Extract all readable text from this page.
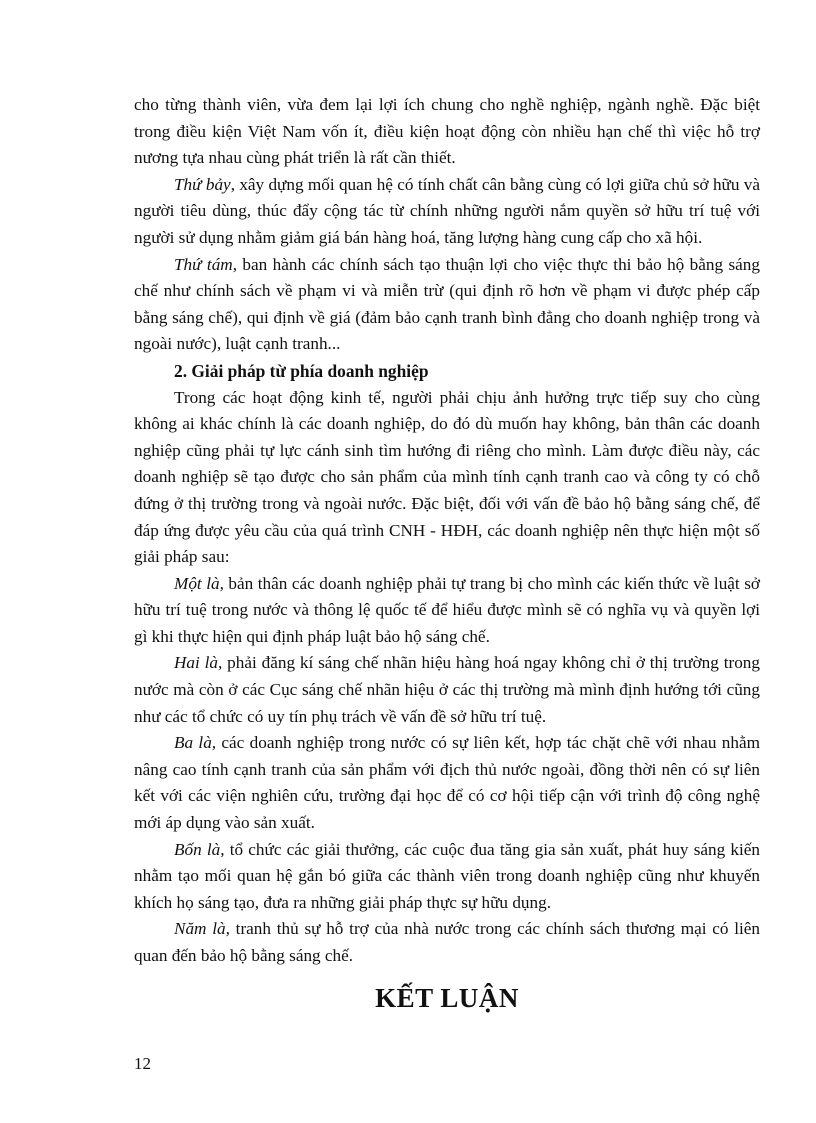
cho từng thành viên, vừa đem lại lợi ích chung cho nghề nghiệp, ngành nghề. Đặc biệt trong điều kiện Việt Nam vốn ít, điều kiện hoạt động còn nhiều hạn chế thì việc hỗ trợ nương tựa nhau cùng phát triển là rất cần thiết.

Thứ bảy, xây dựng mối quan hệ có tính chất cân bằng cùng có lợi giữa chủ sở hữu và người tiêu dùng, thúc đẩy cộng tác từ chính những người nắm quyền sở hữu trí tuệ với người sử dụng nhằm giảm giá bán hàng hoá, tăng lượng hàng cung cấp cho xã hội.

Thứ tám, ban hành các chính sách tạo thuận lợi cho việc thực thi bảo hộ bằng sáng chế như chính sách về phạm vi và miễn trừ (qui định rõ hơn về phạm vi được phép cấp bằng sáng chế), qui định về giá (đảm bảo cạnh tranh bình đẳng cho doanh nghiệp trong và ngoài nước), luật cạnh tranh...

2. Giải pháp từ phía doanh nghiệp

Trong các hoạt động kinh tế, người phải chịu ảnh hưởng trực tiếp suy cho cùng không ai khác chính là các doanh nghiệp, do đó dù muốn hay không, bản thân các doanh nghiệp cũng phải tự lực cánh sinh tìm hướng đi riêng cho mình. Làm được điều này, các doanh nghiệp sẽ tạo được cho sản phẩm của mình tính cạnh tranh cao và công ty có chỗ đứng ở thị trường trong và ngoài nước. Đặc biệt, đối với vấn đề bảo hộ bằng sáng chế, để đáp ứng được yêu cầu của quá trình CNH - HĐH, các doanh nghiệp nên thực hiện một số giải pháp sau:

Một là, bản thân các doanh nghiệp phải tự trang bị cho mình các kiến thức về luật sở hữu trí tuệ trong nước và thông lệ quốc tế để hiểu được mình sẽ có nghĩa vụ và quyền lợi gì khi thực hiện qui định pháp luật bảo hộ sáng chế.

Hai là, phải đăng kí sáng chế nhãn hiệu hàng hoá ngay không chỉ ở thị trường trong nước mà còn ở các Cục sáng chế nhãn hiệu ở các thị trường mà mình định hướng tới cũng như các tổ chức có uy tín phụ trách về vấn đề sở hữu trí tuệ.

Ba là, các doanh nghiệp trong nước có sự liên kết, hợp tác chặt chẽ với nhau nhằm nâng cao tính cạnh tranh của sản phẩm với địch thủ nước ngoài, đồng thời nên có sự liên kết với các viện nghiên cứu, trường đại học để có cơ hội tiếp cận với trình độ công nghệ mới áp dụng vào sản xuất.

Bốn là, tổ chức các giải thưởng, các cuộc đua tăng gia sản xuất, phát huy sáng kiến nhằm tạo mối quan hệ gắn bó giữa các thành viên trong doanh nghiệp cũng như khuyến khích họ sáng tạo, đưa ra những giải pháp thực sự hữu dụng.

Năm là, tranh thủ sự hỗ trợ của nhà nước trong các chính sách thương mại có liên quan đến bảo hộ bằng sáng chế.

KẾT LUẬN
12
